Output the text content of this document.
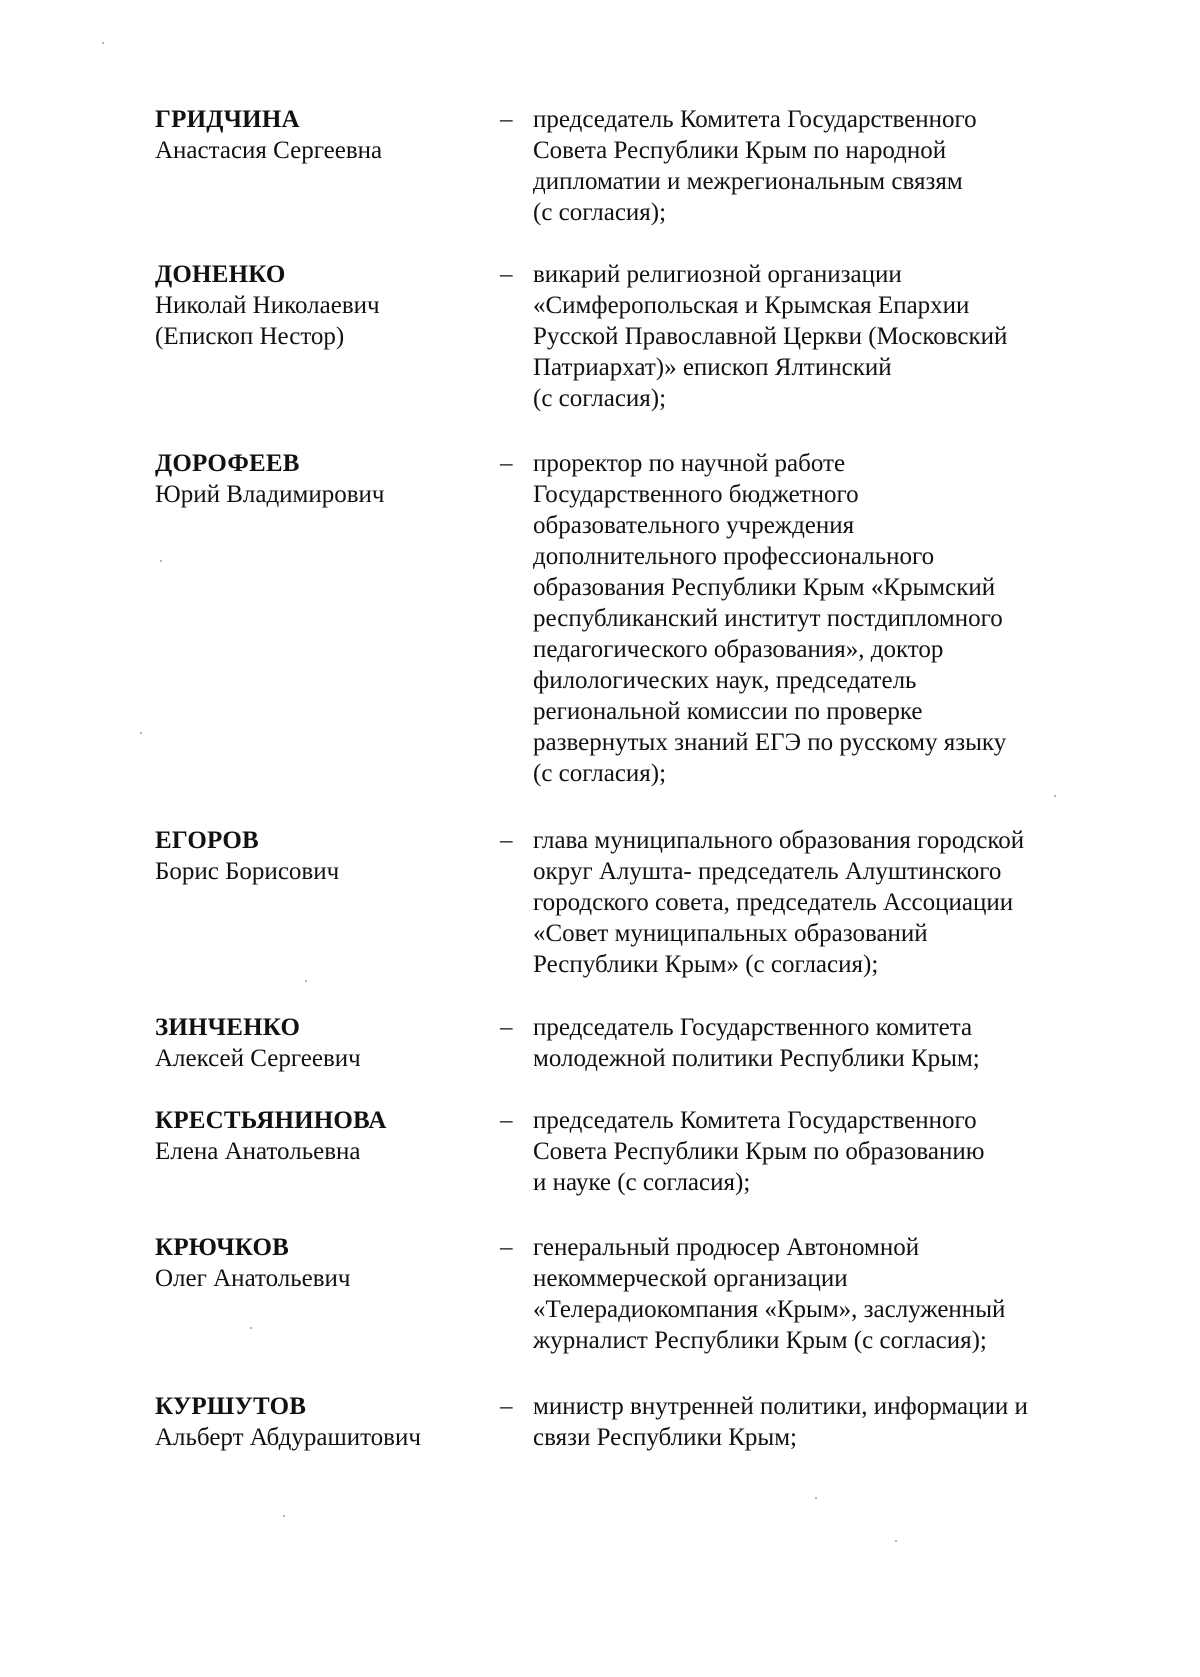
ГРИДЧИНА
Анастасия Сергеевна
– председатель Комитета Государственного
Совета Республики Крым по народной
дипломатии и межрегиональным связям
(с согласия);
ДОНЕНКО
Николай Николаевич
(Епископ Нестор)
– викарий религиозной организации
«Симферопольская и Крымская Епархии
Русской Православной Церкви (Московский
Патриархат)» епископ Ялтинский
(с согласия);
ДОРОФЕЕВ
Юрий Владимирович
– проректор по научной работе
Государственного бюджетного
образовательного учреждения
дополнительного профессионального
образования Республики Крым «Крымский
республиканский институт постдипломного
педагогического образования», доктор
филологических наук, председатель
региональной комиссии по проверке
развернутых знаний ЕГЭ по русскому языку
(с согласия);
ЕГОРОВ
Борис Борисович
– глава муниципального образования городской
округ Алушта- председатель Алуштинского
городского совета, председатель Ассоциации
«Совет муниципальных образований
Республики Крым» (с согласия);
ЗИНЧЕНКО
Алексей Сергеевич
– председатель Государственного комитета
молодежной политики Республики Крым;
КРЕСТЬЯНИНОВА
Елена Анатольевна
– председатель Комитета Государственного
Совета Республики Крым по образованию
и науке (с согласия);
КРЮЧКОВ
Олег Анатольевич
– генеральный продюсер Автономной
некоммерческой организации
«Телерадиокомпания «Крым», заслуженный
журналист Республики Крым (с согласия);
КУРШУТОВ
Альберт Абдурашитович
– министр внутренней политики, информации и
связи Республики Крым;
